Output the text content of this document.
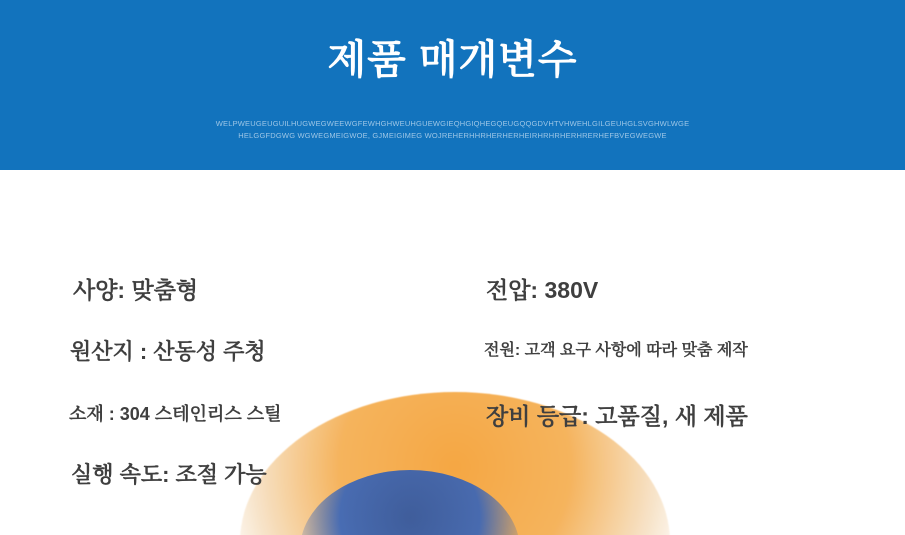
제품 매개변수
WELPWEUGEUGUILHUGWEGWEEWGFEWHGHWEUHGUEWGIEQHGIQHEGQEUGQQGDVHTVHWEHLGILGEUHGLSVGHWLWGEHELGGFDGWG WGWEGMEIGWOE, GJMEIGIMEG WOJREHERHHRHERHERHEIRHRHRHERHRERHEFBVEGWEGWE
사양: 맞춤형
원산지 : 산동성 주청
소재 : 304 스테인리스 스틸
실행 속도: 조절 가능
전압: 380V
전원: 고객 요구 사항에 따라 맞춤 제작
장비 등급: 고품질, 새 제품
